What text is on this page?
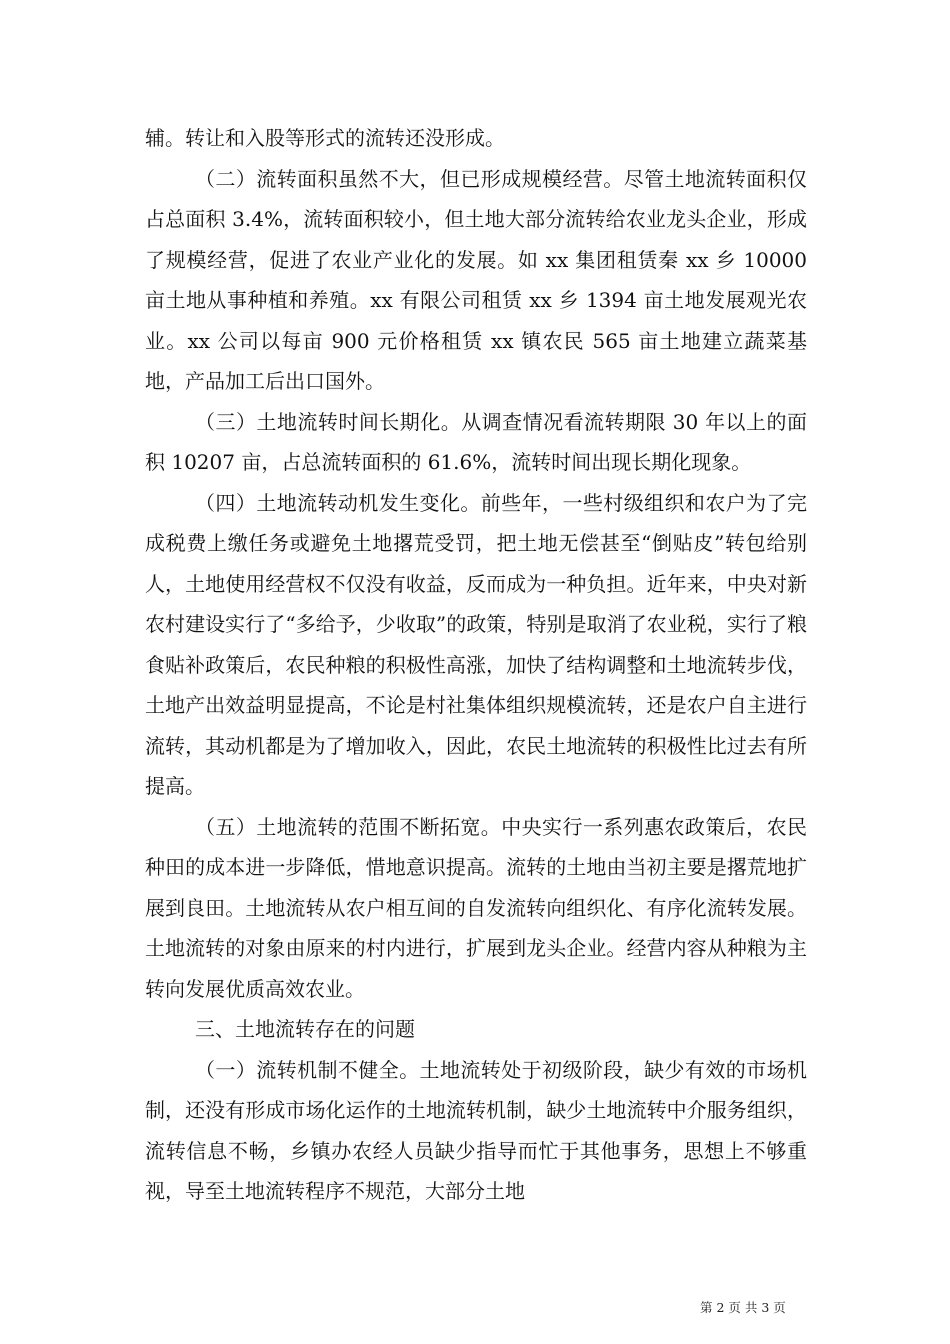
辅。转让和入股等形式的流转还没形成。

（二）流转面积虽然不大，但已形成规模经营。尽管土地流转面积仅占总面积 3.4%，流转面积较小，但土地大部分流转给农业龙头企业，形成了规模经营，促进了农业产业化的发展。如 xx 集团租赁秦 xx 乡 10000 亩土地从事种植和养殖。xx 有限公司租赁 xx 乡 1394 亩土地发展观光农业。xx 公司以每亩 900 元价格租赁 xx 镇农民 565 亩土地建立蔬菜基地，产品加工后出口国外。

（三）土地流转时间长期化。从调查情况看流转期限 30 年以上的面积 10207 亩，占总流转面积的 61.6%，流转时间出现长期化现象。

（四）土地流转动机发生变化。前些年，一些村级组织和农户为了完成税费上缴任务或避免土地撂荒受罚，把土地无偿甚至“倒贴皮”转包给别人，土地使用经营权不仅没有收益，反而成为一种负担。近年来，中央对新农村建设实行了“多给予，少收取”的政策，特别是取消了农业税，实行了粮食贴补政策后，农民种粮的积极性高涨，加快了结构调整和土地流转步伐，土地产出效益明显提高，不论是村社集体组织规模流转，还是农户自主进行流转，其动机都是为了增加收入，因此，农民土地流转的积极性比过去有所提高。

（五）土地流转的范围不断拓宽。中央实行一系列惠农政策后，农民种田的成本进一步降低，惜地意识提高。流转的土地由当初主要是撂荒地扩展到良田。土地流转从农户相互间的自发流转向组织化、有序化流转发展。土地流转的对象由原来的村内进行，扩展到龙头企业。经营内容从种粮为主转向发展优质高效农业。

三、土地流转存在的问题

（一）流转机制不健全。土地流转处于初级阶段，缺少有效的市场机制，还没有形成市场化运作的土地流转机制，缺少土地流转中介服务组织，流转信息不畅，乡镇办农经人员缺少指导而忙于其他事务，思想上不够重视，导至土地流转程序不规范，大部分土地

第 2 页 共 3 页
